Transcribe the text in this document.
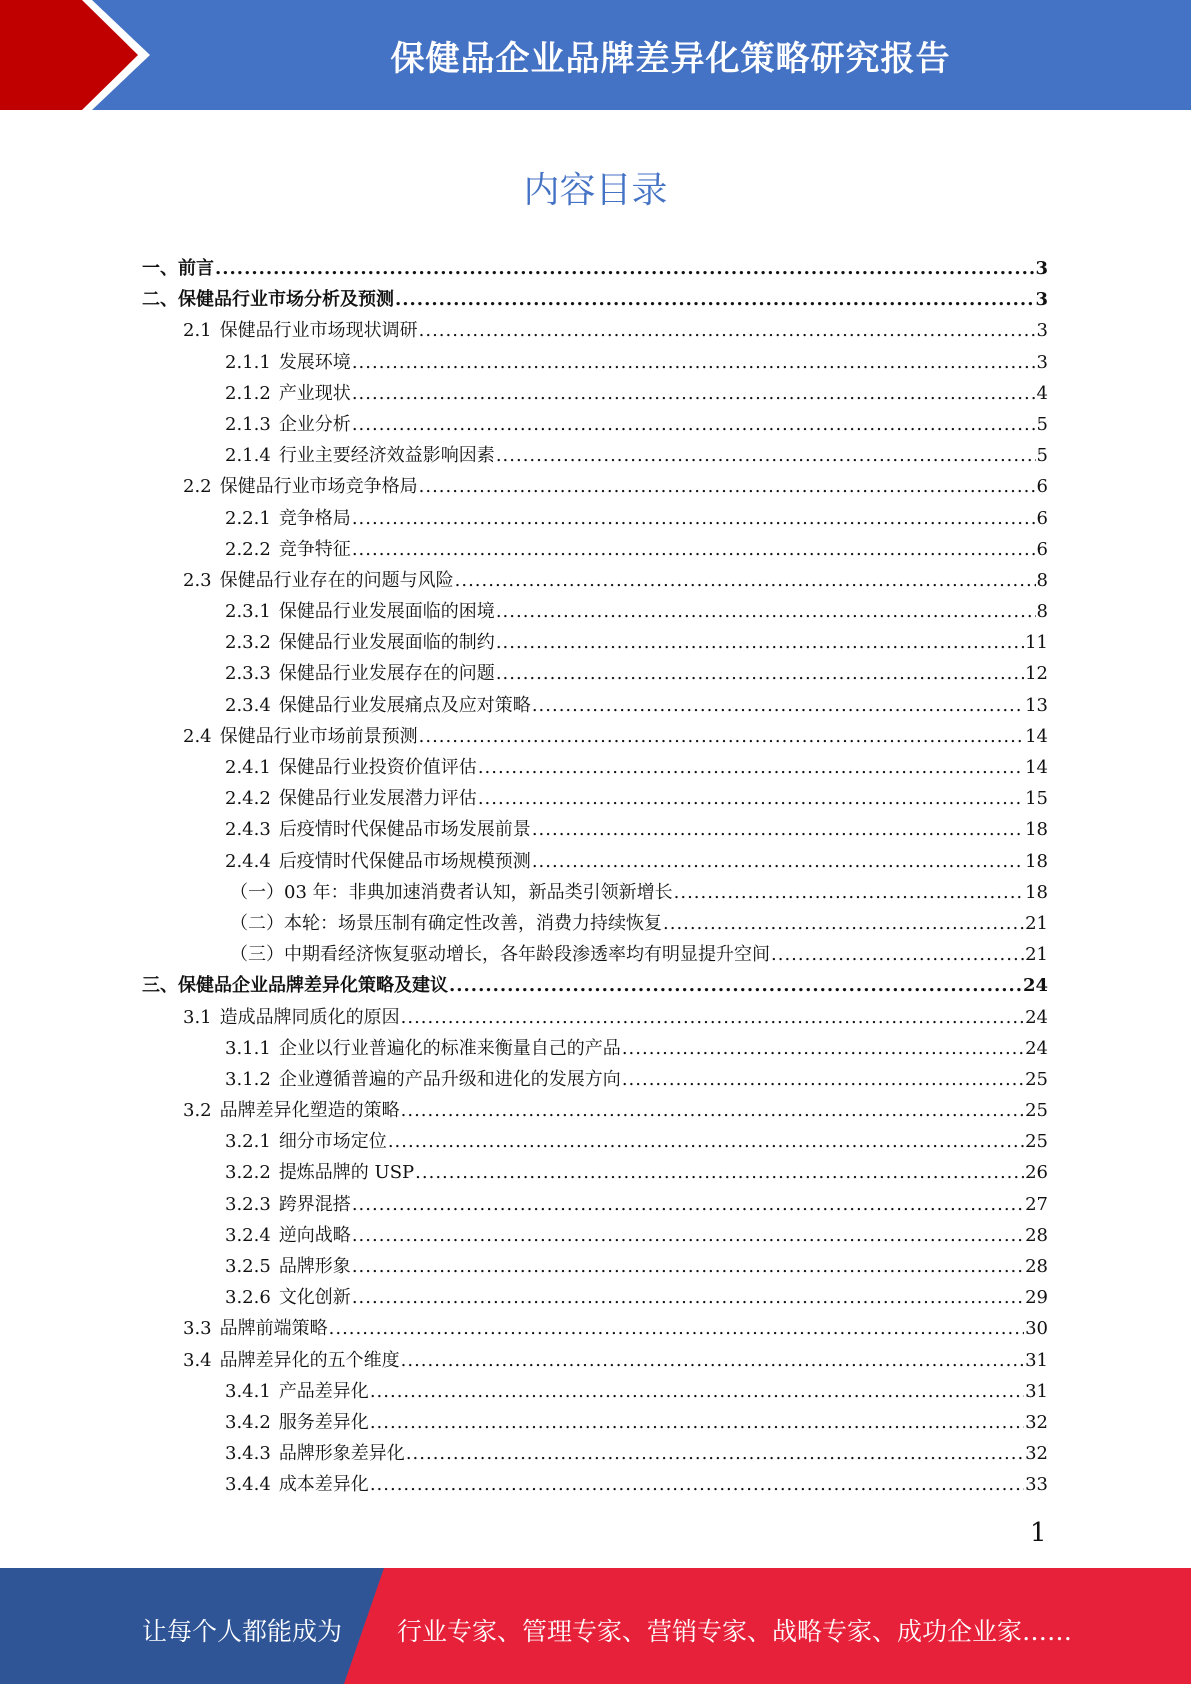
保健品企业品牌差异化策略研究报告
内容目录
一、前言 .....	3
二、保健品行业市场分析及预测 .....	3
2.1 保健品行业市场现状调研 .....	3
2.1.1 发展环境 .....	3
2.1.2 产业现状 .....	4
2.1.3 企业分析 .....	5
2.1.4 行业主要经济效益影响因素 .....	5
2.2 保健品行业市场竞争格局 .....	6
2.2.1 竞争格局 .....	6
2.2.2 竞争特征 .....	6
2.3 保健品行业存在的问题与风险 .....	8
2.3.1 保健品行业发展面临的困境 .....	8
2.3.2 保健品行业发展面临的制约 .....	11
2.3.3 保健品行业发展存在的问题 .....	12
2.3.4 保健品行业发展痛点及应对策略 .....	13
2.4 保健品行业市场前景预测 .....	14
2.4.1 保健品行业投资价值评估 .....	14
2.4.2 保健品行业发展潜力评估 .....	15
2.4.3 后疫情时代保健品市场发展前景 .....	18
2.4.4 后疫情时代保健品市场规模预测 .....	18
（一）03 年：非典加速消费者认知，新品类引领新增长 .....	18
（二）本轮：场景压制有确定性改善，消费力持续恢复 .....	21
（三）中期看经济恢复驱动增长，各年龄段渗透率均有明显提升空间 .....	21
三、保健品企业品牌差异化策略及建议 .....	24
3.1 造成品牌同质化的原因 .....	24
3.1.1 企业以行业普遍化的标准来衡量自己的产品 .....	24
3.1.2 企业遵循普遍的产品升级和进化的发展方向 .....	25
3.2 品牌差异化塑造的策略 .....	25
3.2.1 细分市场定位 .....	25
3.2.2 提炼品牌的 USP .....	26
3.2.3 跨界混搭 .....	27
3.2.4 逆向战略 .....	28
3.2.5 品牌形象 .....	28
3.2.6 文化创新 .....	29
3.3 品牌前端策略 .....	30
3.4 品牌差异化的五个维度 .....	31
3.4.1 产品差异化 .....	31
3.4.2 服务差异化 .....	32
3.4.3 品牌形象差异化 .....	32
3.4.4 成本差异化 .....	33
1
让每个人都能成为 行业专家、管理专家、营销专家、战略专家、成功企业家……
